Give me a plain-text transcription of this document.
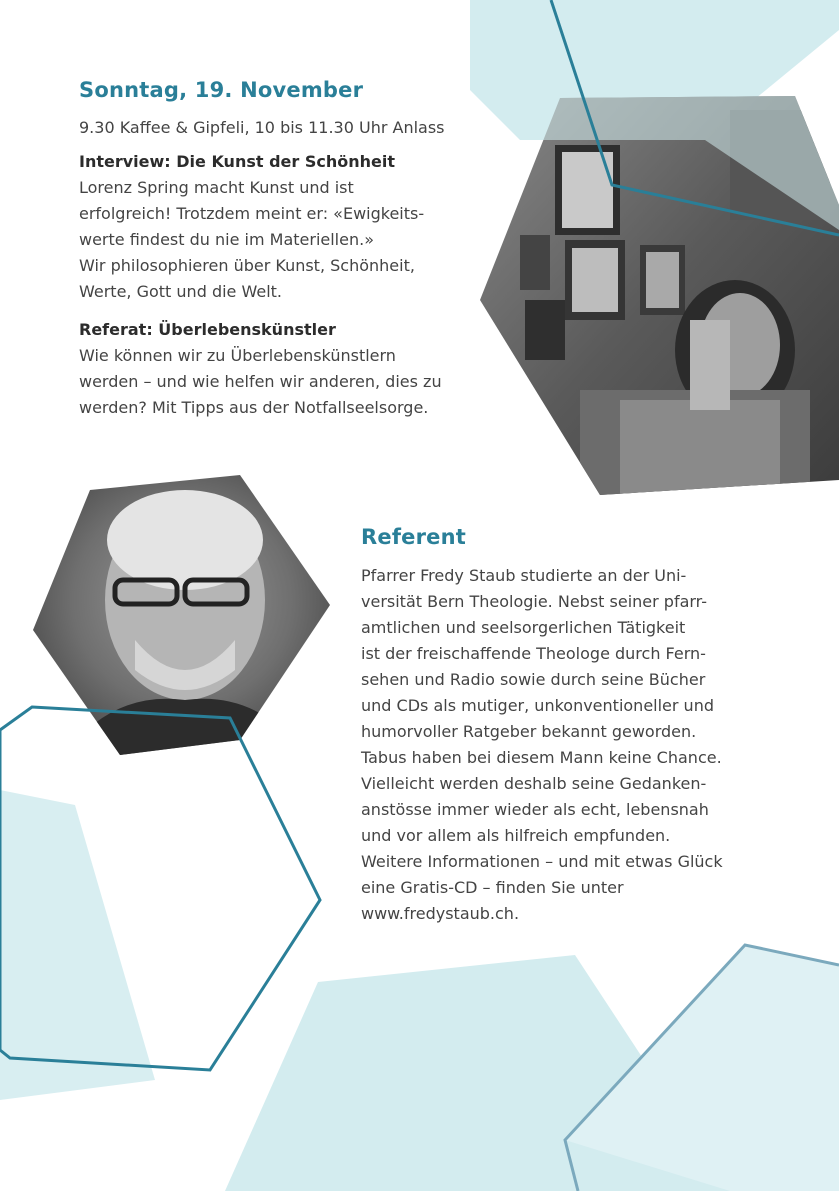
Sonntag, 19. November

9.30 Kaffee & Gipfeli, 10 bis 11.30 Uhr Anlass

Interview: Die Kunst der Schönheit

Lorenz Spring macht Kunst und ist
erfolgreich! Trotzdem meint er: «Ewigkeits-
werte findest du nie im Materiellen.»
Wir philosophieren über Kunst, Schönheit,
Werte, Gott und die Welt.

Referat: Überlebenskünstler

Wie können wir zu Überlebenskünstlern
werden – und wie helfen wir anderen, dies zu
werden? Mit Tipps aus der Notfallseelsorge.

Referent

Pfarrer Fredy Staub studierte an der Uni-
versität Bern Theologie. Nebst seiner pfarr-
amtlichen und seelsorgerlichen Tätigkeit
ist der freischaffende Theologe durch Fern-
sehen und Radio sowie durch seine Bücher
und CDs als mutiger, unkonventioneller und
humorvoller Ratgeber bekannt geworden.
Tabus haben bei diesem Mann keine Chance.
Vielleicht werden deshalb seine Gedanken-
anstösse immer wieder als echt, lebensnah
und vor allem als hilfreich empfunden.
Weitere Informationen – und mit etwas Glück
eine Gratis-CD – finden Sie unter
www.fredystaub.ch.
